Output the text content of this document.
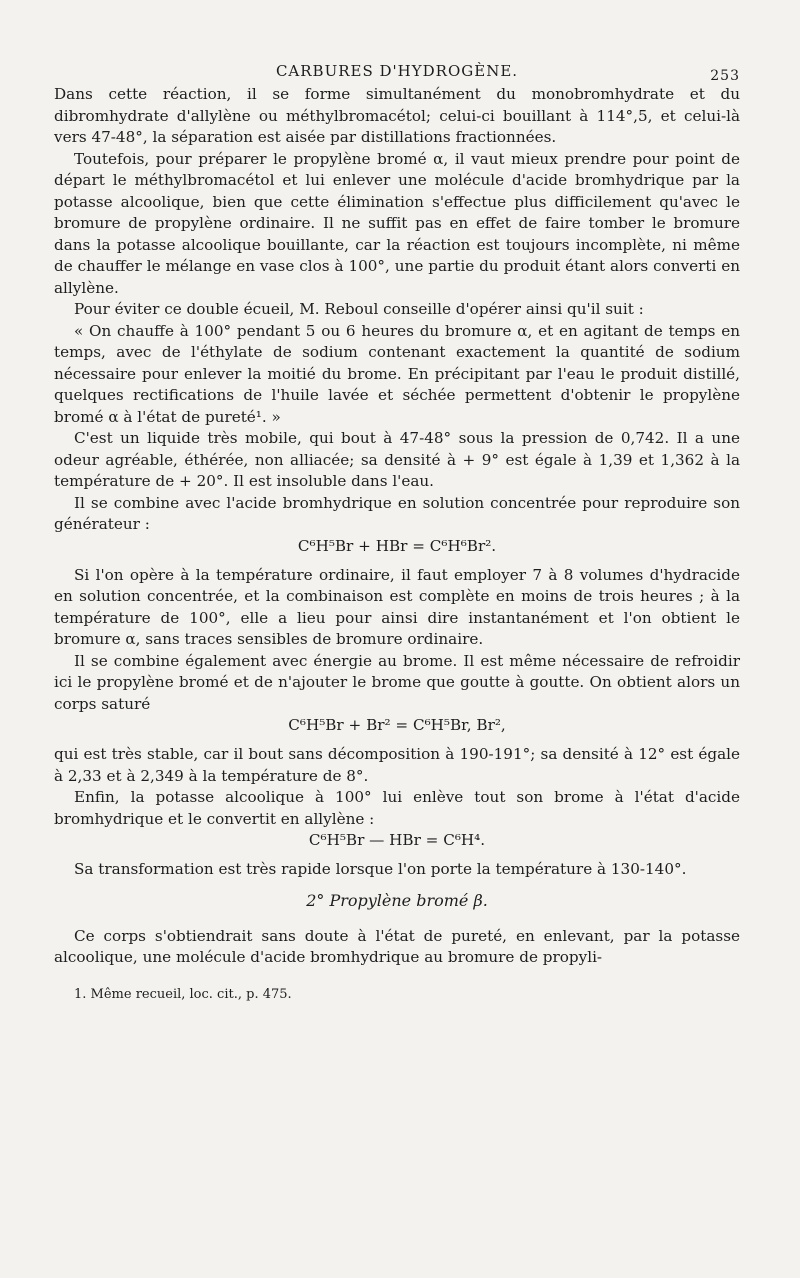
CARBURES D'HYDROGÈNE.	253

Dans cette réaction, il se forme simultanément du monobromhydrate et du dibromhydrate d'allylène ou méthylbromacétol; celui-ci bouillant à 114°,5, et celui-là vers 47-48°, la séparation est aisée par distillations fractionnées.

Toutefois, pour préparer le propylène bromé α, il vaut mieux prendre pour point de départ le méthylbromacétol et lui enlever une molécule d'acide bromhydrique par la potasse alcoolique, bien que cette élimination s'effectue plus difficilement qu'avec le bromure de propylène ordinaire. Il ne suffit pas en effet de faire tomber le bromure dans la potasse alcoolique bouillante, car la réaction est toujours incomplète, ni même de chauffer le mélange en vase clos à 100°, une partie du produit étant alors converti en allylène.

Pour éviter ce double écueil, M. Reboul conseille d'opérer ainsi qu'il suit :

« On chauffe à 100° pendant 5 ou 6 heures du bromure α, et en agitant de temps en temps, avec de l'éthylate de sodium contenant exactement la quantité de sodium nécessaire pour enlever la moitié du brome. En précipitant par l'eau le produit distillé, quelques rectifications de l'huile lavée et séchée permettent d'obtenir le propylène bromé α à l'état de pureté¹. »

C'est un liquide très mobile, qui bout à 47-48° sous la pression de 0,742. Il a une odeur agréable, éthérée, non alliacée; sa densité à + 9° est égale à 1,39 et 1,362 à la température de + 20°. Il est insoluble dans l'eau.

Il se combine avec l'acide bromhydrique en solution concentrée pour reproduire son générateur :

C⁶H⁵Br + HBr = C⁶H⁶Br².

Si l'on opère à la température ordinaire, il faut employer 7 à 8 volumes d'hydracide en solution concentrée, et la combinaison est complète en moins de trois heures ; à la température de 100°, elle a lieu pour ainsi dire instantanément et l'on obtient le bromure α, sans traces sensibles de bromure ordinaire.

Il se combine également avec énergie au brome. Il est même nécessaire de refroidir ici le propylène bromé et de n'ajouter le brome que goutte à goutte. On obtient alors un corps saturé

C⁶H⁵Br + Br² = C⁶H⁵Br, Br²,

qui est très stable, car il bout sans décomposition à 190-191°; sa densité à 12° est égale à 2,33 et à 2,349 à la température de 8°.

Enfin, la potasse alcoolique à 100° lui enlève tout son brome à l'état d'acide bromhydrique et le convertit en allylène :

C⁶H⁵Br — HBr = C⁶H⁴.

Sa transformation est très rapide lorsque l'on porte la température à 130-140°.

2° Propylène bromé β.

Ce corps s'obtiendrait sans doute à l'état de pureté, en enlevant, par la potasse alcoolique, une molécule d'acide bromhydrique au bromure de propyli-

1. Même recueil, loc. cit., p. 475.
